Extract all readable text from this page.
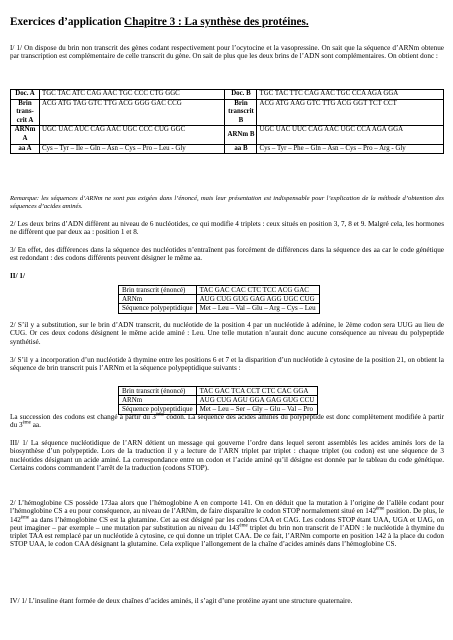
Exercices d’application Chapitre 3 : La synthèse des protéines.
I/ 1/ On dispose du brin non transcrit des gènes codant respectivement pour l’ocytocine et la vasopressine. On sait que la séquence d’ARNm obtenue par transcription est complémentaire de celle transcrit du gène. On sait de plus que les deux brins de l’ADN sont complémentaires. On obtient donc :
Doc. A	TGC TAC ATC CAG AAC TGC CCC CTG GGC	Doc. B	TGC TAC TTC CAG AAC TGC CCA AGA GGA
Brin trans-crit A	ACG ATG TAG GTC TTG ACG GGG GAC CCG	Brin transcrit B	ACG ATG AAG GTC TTG ACG GGT TCT CCT
ARNm A	UGC UAC AUC CAG AAC UGC CCC CUG GGC	ARNm B	UGC UAC UUC CAG AAC UGC CCA AGA GGA
aa A	Cys – Tyr – Ile – Gln – Asn – Cys – Pro – Leu - Gly	aa B	Cys – Tyr – Phe – Gln – Asn – Cys – Pro – Arg - Gly
Remarque: les séquences d’ARNm ne sont pas exigées dans l’énoncé, mais leur présentation est indispensable pour l’explication de la méthode d’obtention des séquences d’acides aminés.
2/ Les deux brins d’ADN diffèrent au niveau de 6 nucléotides, ce qui modifie 4 triplets : ceux situés en position 3, 7, 8 et 9. Malgré cela, les hormones ne diffèrent que par deux aa : position 1 et 8.
3/ En effet, des différences dans la séquence des nucléotides n’entraînent pas forcément de différences dans la séquence des aa car le code génétique est redondant : des codons différents peuvent désigner le même aa.
II/ 1/
Brin transcrit (énoncé)	TAC GAC CAC CTC TCC ACG GAC
ARNm	AUG CUG GUG GAG AGG UGC CUG
Séquence polypeptidique	Met – Leu – Val – Glu – Arg – Cys – Leu
2/ S’il y a substitution, sur le brin d’ADN transcrit, du nucléotide de la position 4 par un nucléotide à adénine, le 2ème codon sera UUG au lieu de CUG. Or ces deux codons désignent le même acide aminé : Leu. Une telle mutation n’aurait donc aucune conséquence au niveau du polypeptide synthétisé.
3/ S’il y a incorporation d’un nucléotide à thymine entre les positions 6 et 7 et la disparition d’un nucléotide à cytosine de la position 21, on obtient la séquence de brin transcrit puis l’ARNm et la séquence polypeptidique suivants :
Brin transcrit (énoncé)	TAC GAC TCA CCT CTC CAC GGA
ARNm	AUG CUG AGU GGA GAG GUG CCU
Séquence polypeptidique	Met – Leu – Ser – Gly – Glu – Val – Pro
La succession des codons est changé à partir du 3ème codon. La séquence des acides aminés du polypeptide est donc complètement modifiée à partir du 3ème aa.
III/ 1/ La séquence nucléotidique de l’ARN détient un message qui gouverne l’ordre dans lequel seront assemblés les acides aminés lors de la biosynthèse d’un polypeptide. Lors de la traduction il y a lecture de l’ARN triplet par triplet : chaque triplet (ou codon) est une séquence de 3 nucléotides désignant un acide aminé. La correspondance entre un codon et l’acide aminé qu’il désigne est donnée par le tableau du code génétique. Certains codons commandent l’arrêt de la traduction (codons STOP).
2/ L’hémoglobine CS possède 173aa alors que l’hémoglobine A en comporte 141. On en déduit que la mutation à l’origine de l’allèle codant pour l’hémoglobine CS a eu pour conséquence, au niveau de l’ARNm, de faire disparaître le codon STOP normalement situé en 142ème position. De plus, le 142ème aa dans l’hémoglobine CS est la glutamine. Cet aa est désigné par les codons CAA et CAG. Les codons STOP étant UAA, UGA et UAG, on peut imaginer – par exemple – une mutation par substitution au niveau du 143ème triplet du brin non transcrit de l’ADN : le nucléotide à thymine du triplet TAA est remplacé par un nucléotide à cytosine, ce qui donne un triplet CAA. De ce fait, l’ARNm comporte en position 142 à la place du codon STOP UAA, le codon CAA désignant la glutamine. Cela explique l’allongement de la chaîne d’acides aminés dans l’hémoglobine CS.
IV/ 1/ L’insuline étant formée de deux chaînes d’acides aminés, il s’agit d’une protéine ayant une structure quaternaire.
